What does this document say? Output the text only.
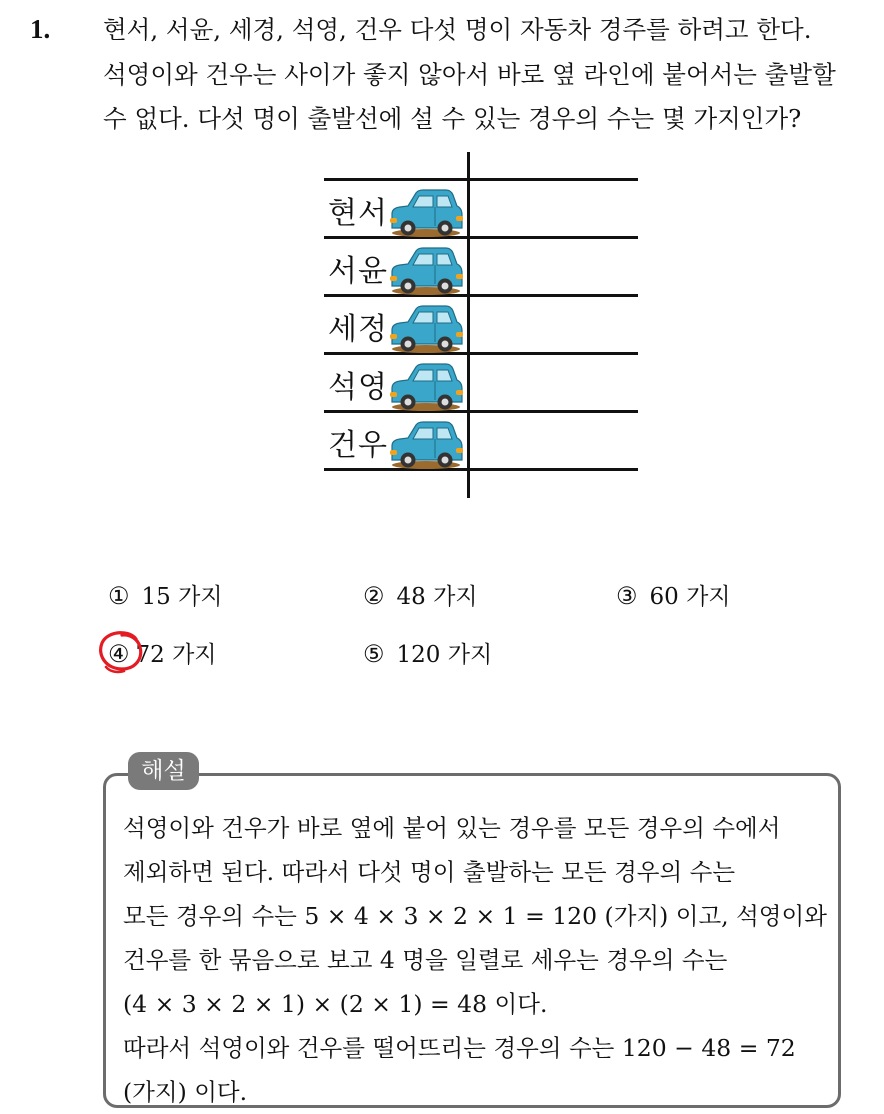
1. 현서, 서윤, 세경, 석영, 건우 다섯 명이 자동차 경주를 하려고 한다.
석영이와 건우는 사이가 좋지 않아서 바로 옆 라인에 붙어서는 출발할
수 없다. 다섯 명이 출발선에 설 수 있는 경우의 수는 몇 가지인가?
현서
서윤
세정
석영
건우
① 15 가지	② 48 가지	③ 60 가지
④ 72 가지	⑤ 120 가지
해설
석영이와 건우가 바로 옆에 붙어 있는 경우를 모든 경우의 수에서
제외하면 된다. 따라서 다섯 명이 출발하는 모든 경우의 수는
모든 경우의 수는 5 × 4 × 3 × 2 × 1 = 120 (가지) 이고, 석영이와
건우를 한 묶음으로 보고 4 명을 일렬로 세우는 경우의 수는
(4 × 3 × 2 × 1) × (2 × 1) = 48 이다.
따라서 석영이와 건우를 떨어뜨리는 경우의 수는 120 − 48 = 72
(가지) 이다.
